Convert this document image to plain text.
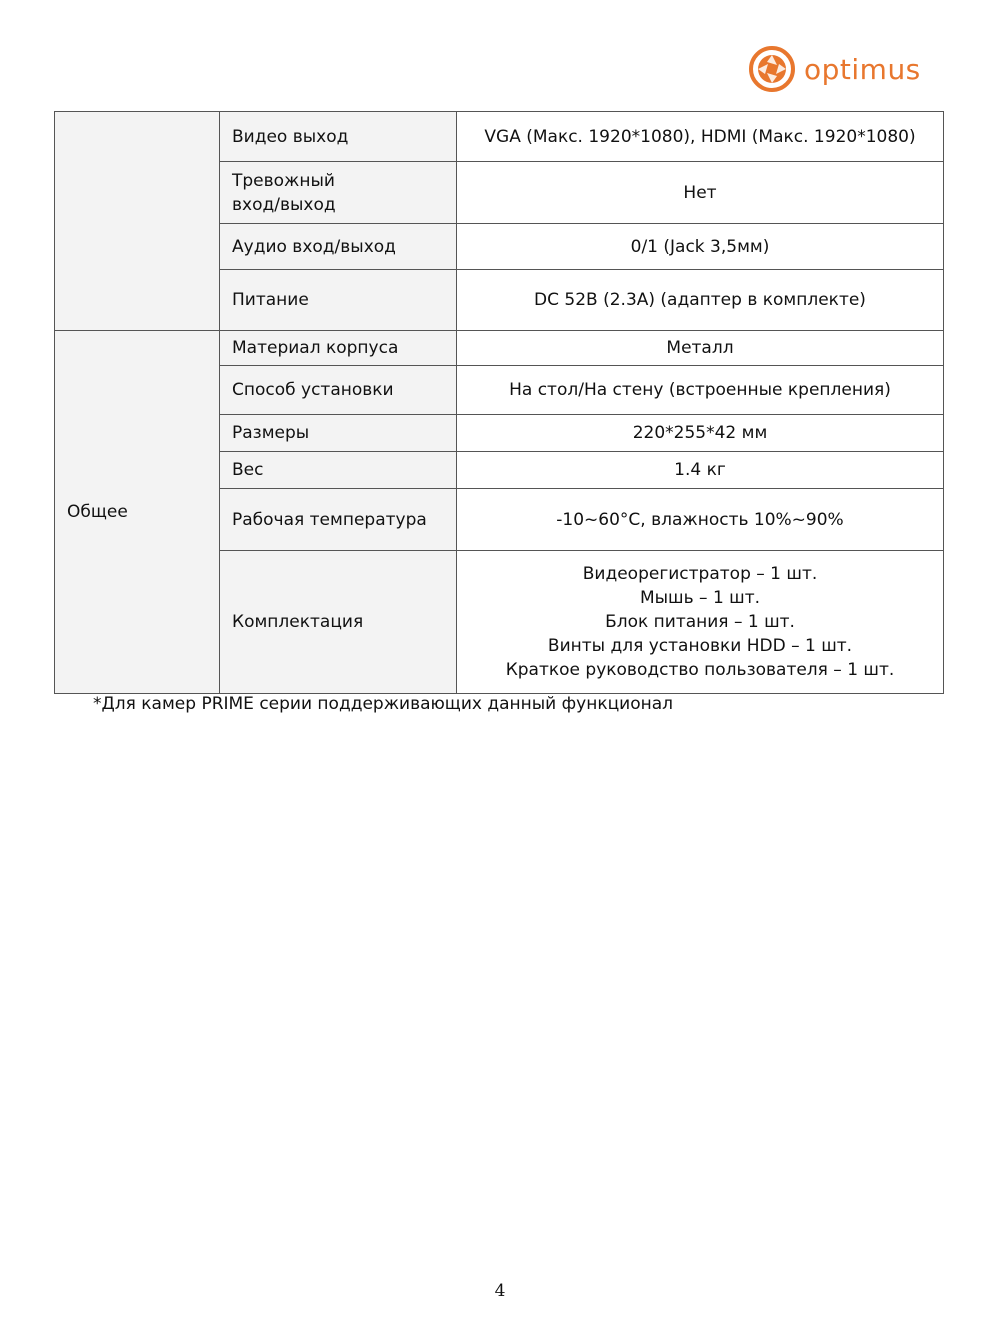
optimus
	Видео выход	VGA (Макс. 1920*1080), HDMI (Макс. 1920*1080)
	Тревожный
вход/выход	Нет
	Аудио вход/выход	0/1 (Jack 3,5мм)
	Питание	DC 52В (2.3А) (адаптер в комплекте)
Общее	Материал корпуса	Металл
	Способ установки	На стол/На стену (встроенные крепления)
	Размеры	220*255*42 мм
	Вес	1.4 кг
	Рабочая температура	-10~60°С, влажность 10%~90%
	Комплектация	Видеорегистратор – 1 шт.
Мышь – 1 шт.
Блок питания – 1 шт.
Винты для установки HDD – 1 шт.
Краткое руководство пользователя – 1 шт.
*Для камер PRIME серии поддерживающих данный функционал
4
